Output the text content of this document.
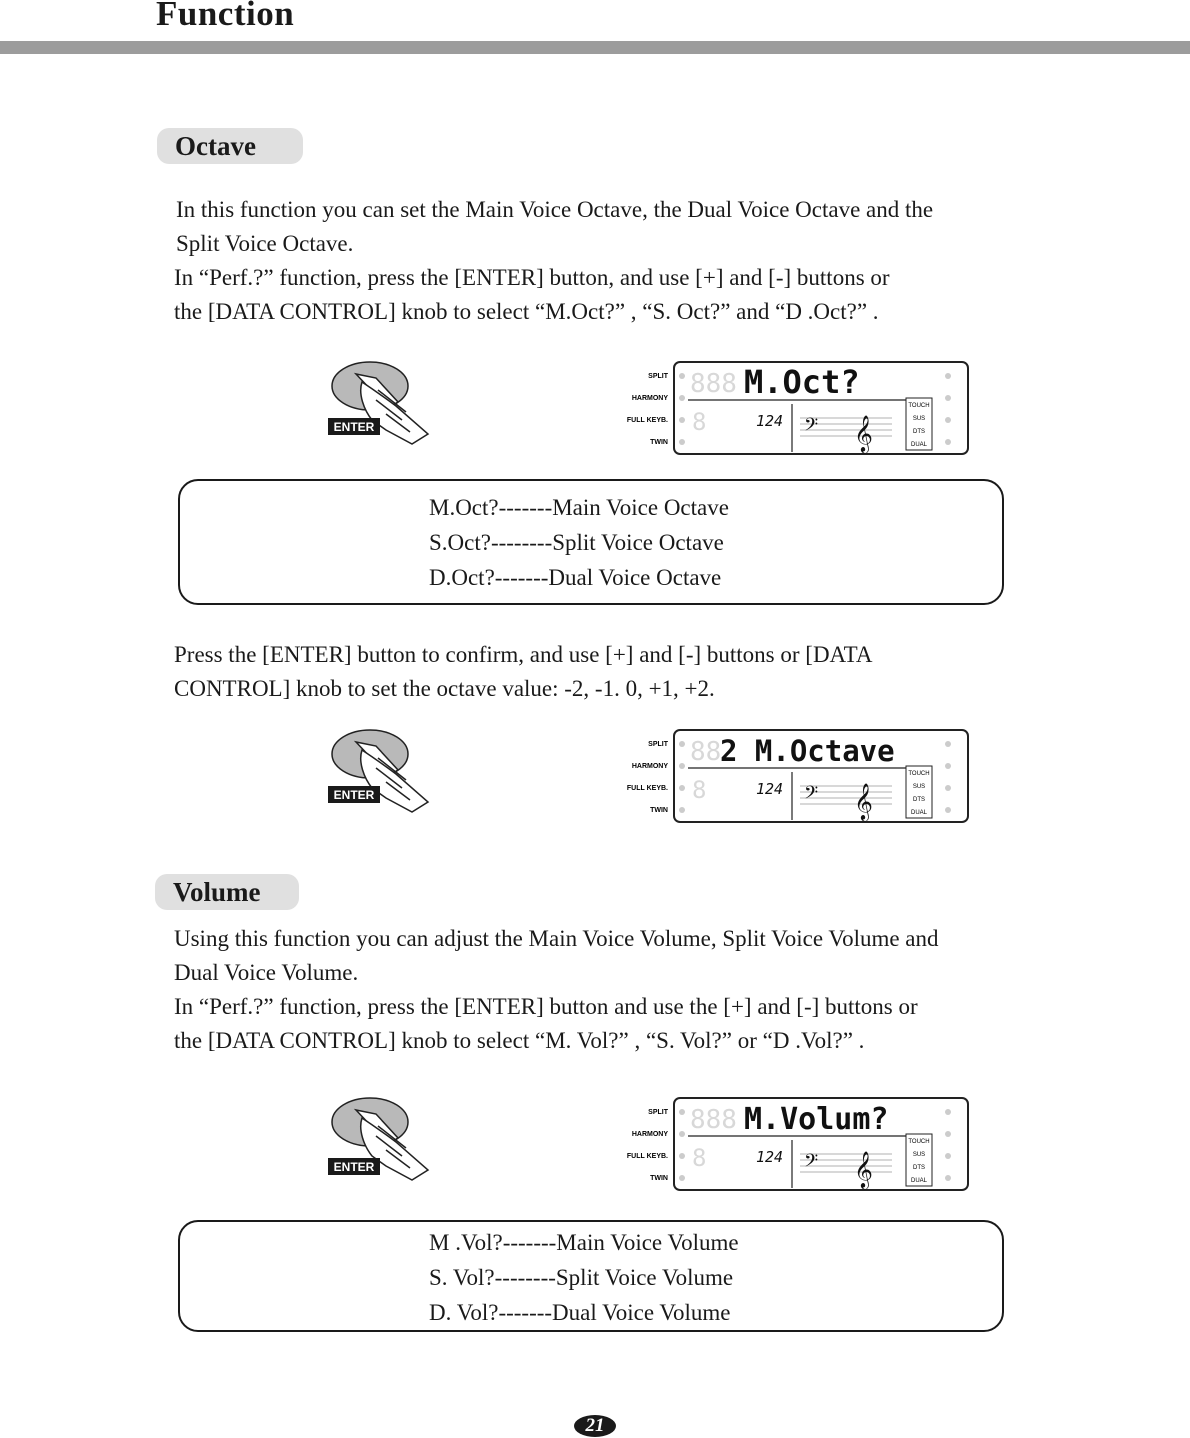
Function
Octave
In this function you can set the Main Voice Octave, the Dual Voice Octave and the
Split Voice Octave.
In “Perf.?” function, press the [ENTER] button, and use [+] and [-] buttons or
the [DATA CONTROL] knob to select “M.Oct?” , “S. Oct?” and “D .Oct?” .
ENTER
SPLIT
HARMONY
FULL KEYB.
TWIN
888 M.Oct?
8	124 𝄢 𝄞
TOUCH
SUS
DTS
DUAL
M.Oct?-------Main Voice Octave
S.Oct?--------Split Voice Octave
D.Oct?-------Dual Voice Octave
Press the [ENTER] button to confirm, and use [+] and [-] buttons or [DATA
CONTROL] knob to set the octave value: -2, -1. 0, +1, +2.
ENTER
SPLIT
HARMONY
FULL KEYB.
TWIN
88
2 M.Octave
8	124 𝄢 𝄞
TOUCH
SUS
DTS
DUAL
Volume
Using this function you can adjust the Main Voice Volume, Split Voice Volume and
Dual Voice Volume.
In “Perf.?” function, press the [ENTER] button and use the [+] and [-] buttons or
the [DATA CONTROL] knob to select “M. Vol?” , “S. Vol?” or “D .Vol?” .
ENTER
SPLIT
HARMONY
FULL KEYB.
TWIN
888 M.Volum?
8	124 𝄢 𝄞
TOUCH
SUS
DTS
DUAL
M .Vol?-------Main Voice Volume
S. Vol?--------Split Voice Volume
D. Vol?-------Dual Voice Volume
21
